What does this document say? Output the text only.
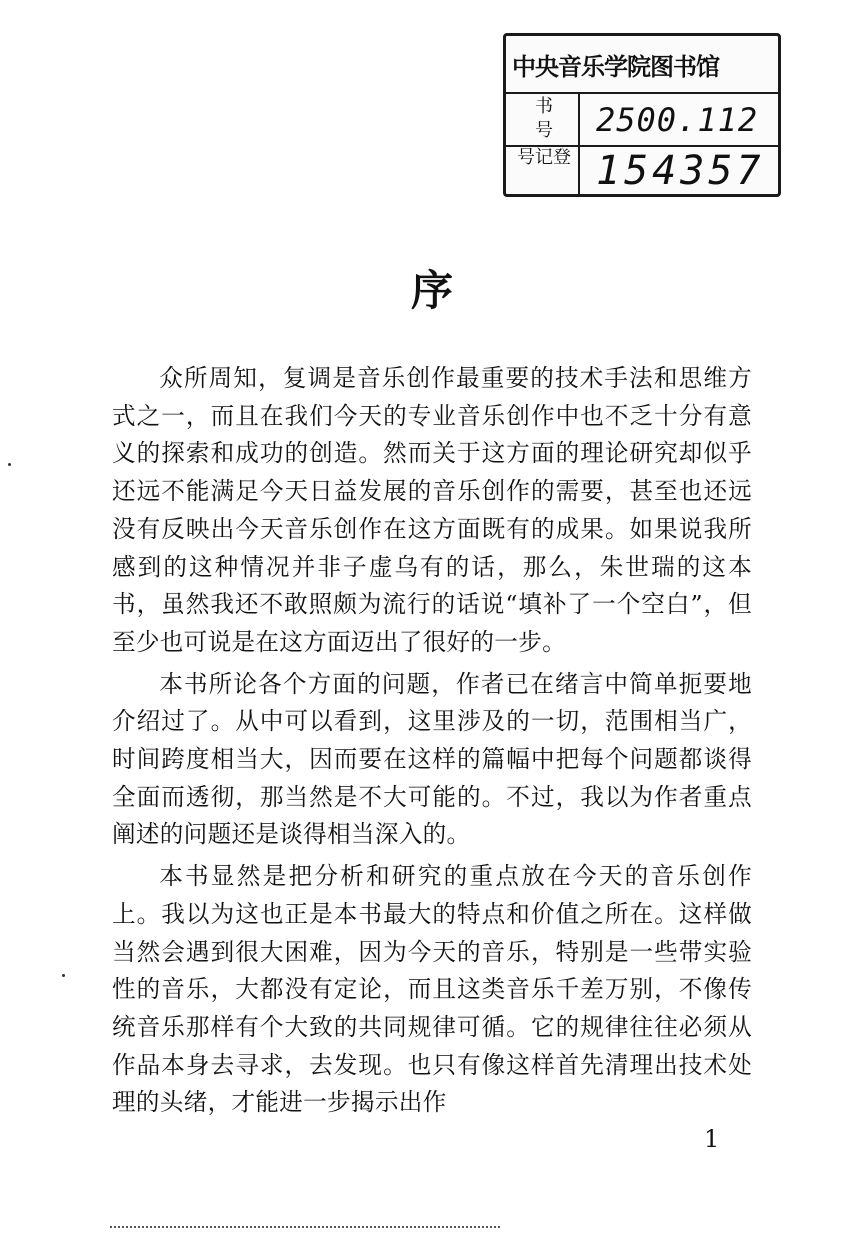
中央音乐学院图书馆
书号	2500.112
登记号	154357
序

众所周知，复调是音乐创作最重要的技术手法和思维方式之一，而且在我们今天的专业音乐创作中也不乏十分有意义的探索和成功的创造。然而关于这方面的理论研究却似乎还远不能满足今天日益发展的音乐创作的需要，甚至也还远没有反映出今天音乐创作在这方面既有的成果。如果说我所感到的这种情况并非子虚乌有的话，那么，朱世瑞的这本书，虽然我还不敢照颇为流行的话说“填补了一个空白”，但至少也可说是在这方面迈出了很好的一步。

本书所论各个方面的问题，作者已在绪言中简单扼要地介绍过了。从中可以看到，这里涉及的一切，范围相当广，时间跨度相当大，因而要在这样的篇幅中把每个问题都谈得全面而透彻，那当然是不大可能的。不过，我以为作者重点阐述的问题还是谈得相当深入的。

本书显然是把分析和研究的重点放在今天的音乐创作上。我以为这也正是本书最大的特点和价值之所在。这样做当然会遇到很大困难，因为今天的音乐，特别是一些带实验性的音乐，大都没有定论，而且这类音乐千差万别，不像传统音乐那样有个大致的共同规律可循。它的规律往往必须从作品本身去寻求，去发现。也只有像这样首先清理出技术处理的头绪，才能进一步揭示出作

1
